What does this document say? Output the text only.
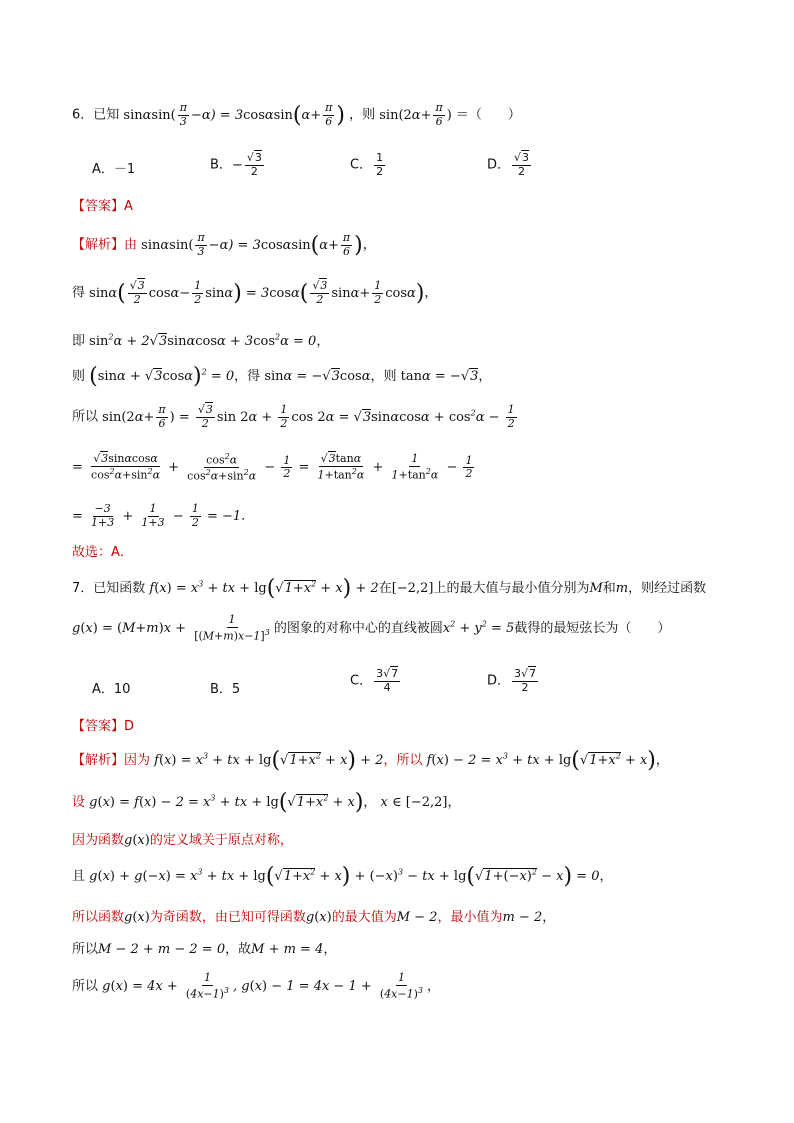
6．已知 $\sin\alpha\sin( \frac{\pi}{3} -\alpha) = 3\cos\alpha\sin(\alpha+ \frac{\pi}{6}$ ) ，则 $\sin(2\alpha+ \frac{\pi}{6}$ ) ＝（　　）
A．－1	B．− $\frac{√3}{2}$	C． $\frac{1}{2}$	D． $\frac{√3}{2}$
【答案】A
【解析】由 $\sin\alpha\sin( \frac{\pi}{3} -\alpha) = 3\cos\alpha\sin(\alpha+ \frac{\pi}{6}$ )，
得 $\sin\alpha( \frac{√3}{2} \cos\alpha- \frac{1}{2} \sin\alpha) = 3\cos\alpha( \frac{√3}{2} \sin\alpha+ \frac{1}{2} \cos\alpha)$，
即 $\sin^2\alpha + 2√3\sin\alpha\cos\alpha + 3\cos^2\alpha = 0$，
则 $(\sin\alpha + √3\cos\alpha)^2 = 0$，得 sinα = −√3cosα，则 tanα = −√3，
所以 $\sin(2\alpha+ \frac{\pi}{6}$ ) = $\frac{√3}{2}$ $\sin 2\alpha + \frac{1}{2}$ $\cos 2\alpha = √3\sin\alpha\cos\alpha + \cos^2\alpha - \frac{1}{2}$
= $\frac{√3\sin\alpha\cos\alpha}{\cos^2\alpha+\sin^2\alpha} + \frac{\cos^2\alpha}{\cos^2\alpha+\sin^2\alpha} - \frac{1}{2} = \frac{√3\tan\alpha}{1+\tan^2\alpha} + \frac{1}{1+\tan^2\alpha} - \frac{1}{2}$
= $\frac{-3}{1+3} + \frac{1}{1+3} - \frac{1}{2} = -1$．
故选：A．
7．已知函数 $f(x) = x^3$ + tx + $\lg(√1+x^2 + x) + 2$在[−2,2]上的最大值与最小值分别为M和m，则经过函数
$g(x) = (M+m)x + \frac{1}{[(M+m)x-1]^3}$ 的图象的对称中心的直线被圆$x^2 + y^2 = 5$截得的最短弦长为（　　）
A．10	B．5
C． $\frac{3√7}{4}$	D． $\frac{3√7}{2}$
【答案】D
【解析】因为 $f(x) = x^3$ + tx + $\lg(√1+x^2 + x) + 2$，所以 $f(x) - 2 = x^3$ + tx + $\lg(√1+x^2 + x)$，
设 $g(x) = f(x) - 2 = x^3$ + tx + $\lg(√1+x^2 + x)$， x ∈ [−2,2]，
因为函数g(x)的定义域关于原点对称，
且 $g(x) + g(-x) = x^3$ + tx + $\lg(√1+x^2 + x) + (-x)^3$ − tx + $\lg(√1+(-x)^2 - x) = 0$，
所以函数g(x)为奇函数，由已知可得函数g(x)的最大值为M − 2，最小值为m − 2，
所以M − 2 + m − 2 = 0，故M + m = 4，
所以 $g(x) = 4x + \frac{1}{(4x-1)^3}$ , $g(x) - 1 = 4x - 1 + \frac{1}{(4x-1)^3}$ ，
